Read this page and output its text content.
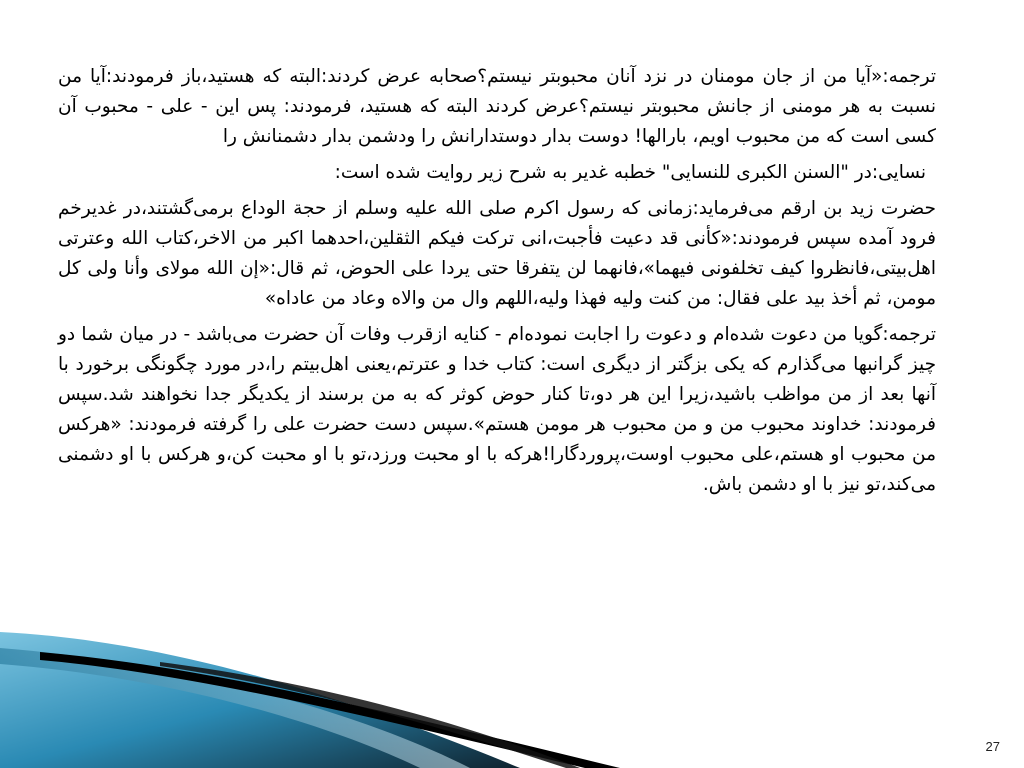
ترجمه:«آیا من از جان مومنان در نزد آنان محبوبتر نیستم؟صحابه عرض کردند:البته که هستید،باز فرمودند:آیا من نسبت به هر مومنی از جانش محبوبتر نیستم؟عرض کردند البته که هستید، فرمودند: پس این - علی - محبوب آن کسی است که من محبوب اویم، بارالها! دوست بدار دوستدارانش را ودشمن بدار دشمنانش را

نسایی:در "السنن الکبری للنسایی" خطبه غدیر به شرح زیر روایت شده است:

حضرت زید بن ارقم می‌فرماید:زمانی که رسول اکرم صلی الله علیه وسلم از حجة الوداع برمی‌گشتند،در غدیرخم فرود آمده سپس فرمودند:«کأنی قد دعیت فأجبت،انی ترکت فیکم الثقلین،احدهما اکبر من الاخر،کتاب الله وعترتی اهل‌بیتی،فانظروا کیف تخلفونی فیهما»،فانهما لن یتفرقا حتی یردا علی الحوض، ثم قال:«إن الله مولای وأنا ولی کل مومن، ثم أخذ بید علی فقال: من کنت ولیه فهذا ولیه،اللهم وال من والاه وعاد من عاداه»

ترجمه:گویا من دعوت شده‌ام و دعوت را اجابت نموده‌ام - کنایه ازقرب وفات آن حضرت می‌باشد - در میان شما دو چیز گرانبها می‌گذارم که یکی بزگتر از دیگری است: کتاب خدا و عترتم،یعنی اهل‌بیتم را،در مورد چگونگی برخورد با آنها بعد از من مواظب باشید،زیرا این هر دو،تا کنار حوض کوثر که به من برسند از یکدیگر جدا نخواهند شد.سپس فرمودند: خداوند محبوب من و من محبوب هر مومن هستم».سپس دست حضرت علی را گرفته فرمودند: «هرکس من محبوب او هستم،علی محبوب اوست،پروردگارا!هرکه با او محبت ورزد،تو با او محبت کن،و هرکس با او دشمنی می‌کند،تو نیز با او دشمن باش.

27
